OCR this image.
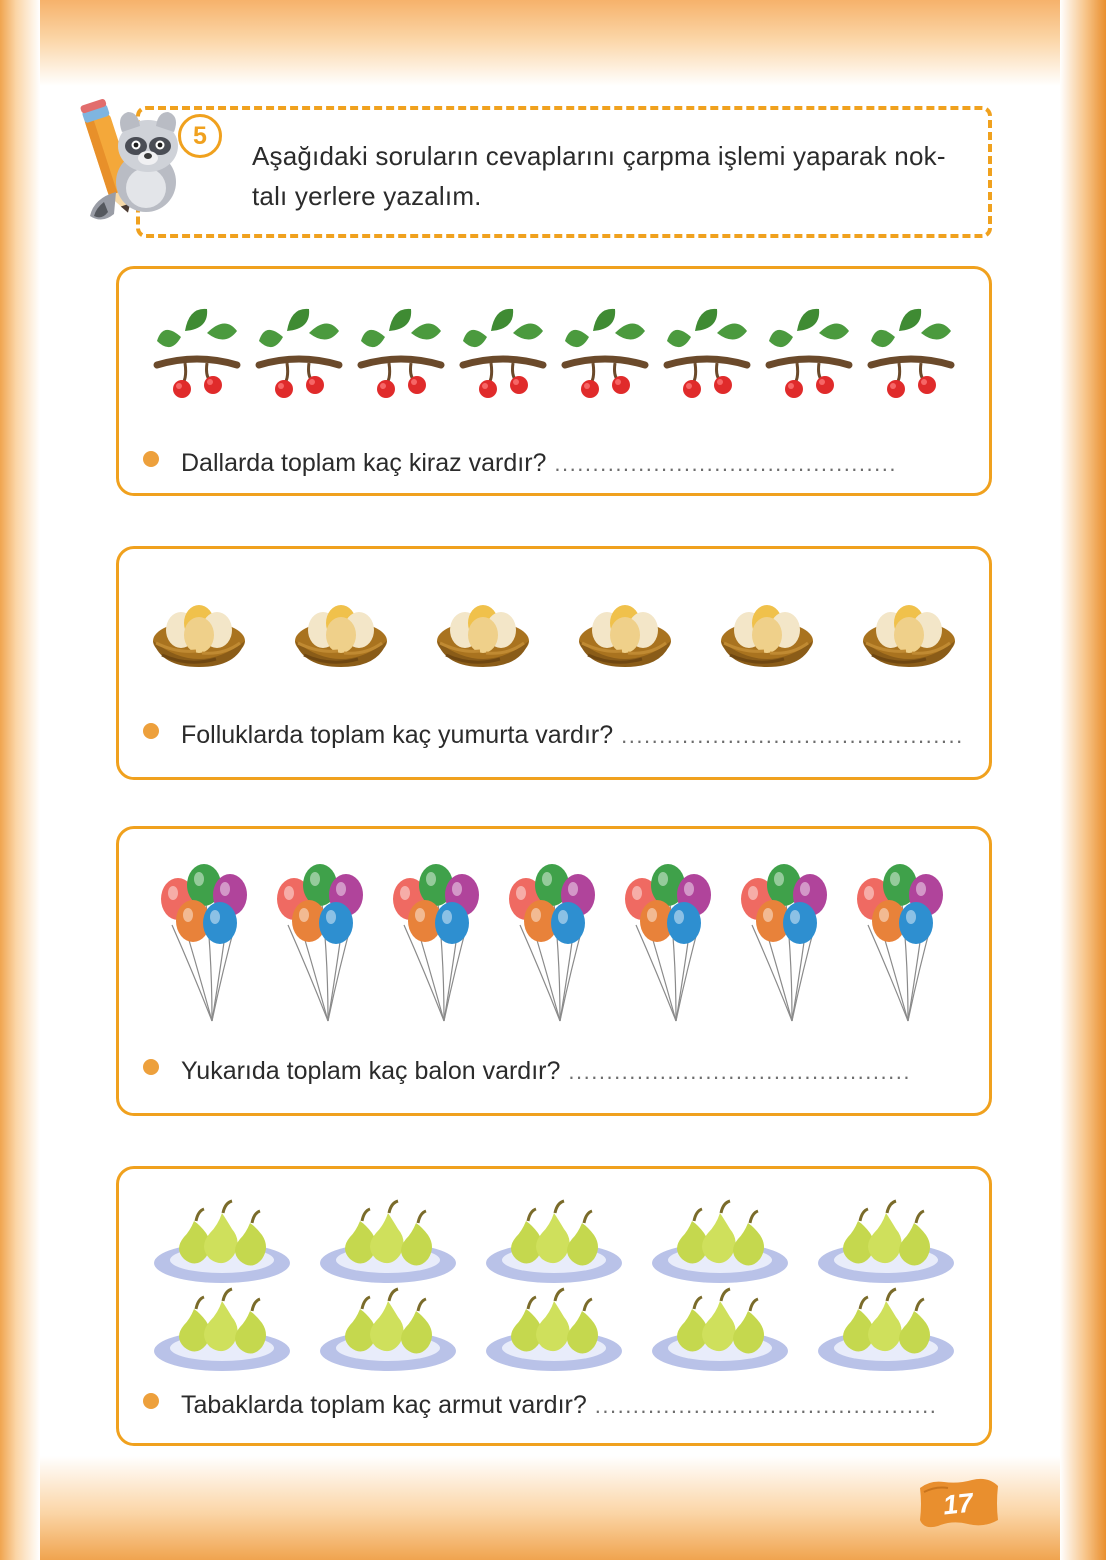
Aşağıdaki soruların cevaplarını çarpma işlemi yaparak nok- talı yerlere yazalım.
5
Dallarda toplam kaç kiraz vardır? .............................................
Folluklarda toplam kaç yumurta vardır? .............................................
Yukarıda toplam kaç balon vardır? .............................................
Tabaklarda toplam kaç armut vardır? .............................................
17
